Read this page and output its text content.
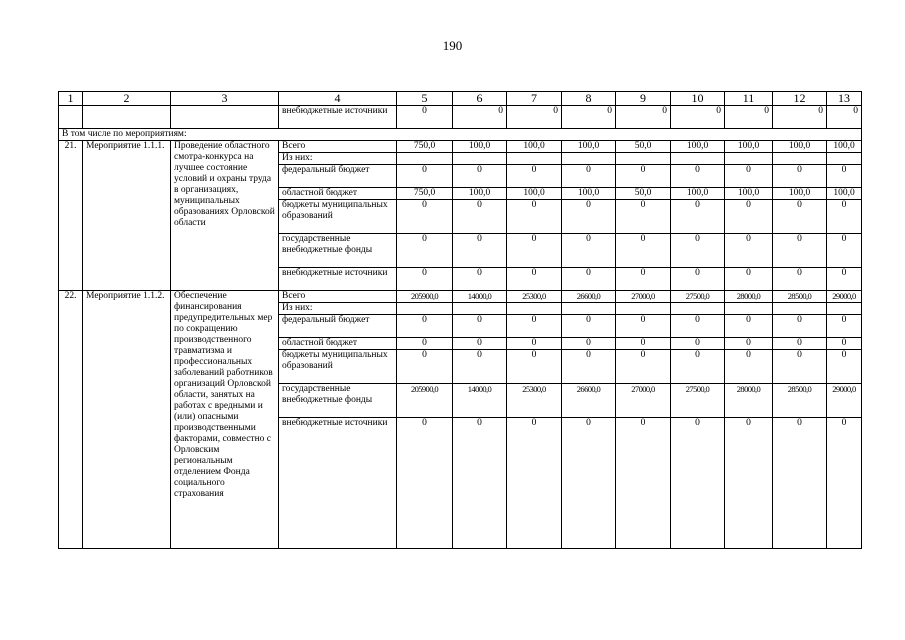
190
1	2	3	4	5	6	7	8	9	10	11	12	13
			внебюджетные источники	0	0	0	0	0	0	0	0	0
В том числе по мероприятиям:												
21.	Мероприятие 1.1.1.	Проведение областного смотра-конкурса на лучшее состояние условий и охраны труда в организациях, муниципальных образованиях Орловской области	Всего	750,0	100,0	100,0	100,0	50,0	100,0	100,0	100,0	100,0
			Из них:									
			федеральный бюджет	0	0	0	0	0	0	0	0	0
			областной бюджет	750,0	100,0	100,0	100,0	50,0	100,0	100,0	100,0	100,0
			бюджеты муниципальных образований	0	0	0	0	0	0	0	0	0
			государственные внебюджетные фонды	0	0	0	0	0	0	0	0	0
			внебюджетные источники	0	0	0	0	0	0	0	0	0
22.	Мероприятие 1.1.2.	Обеспечение финансирования предупредительных мер по сокращению производственного травматизма и профессиональных заболеваний работников организаций Орловской области, занятых на работах с вредными и (или) опасными производственными факторами, совместно с Орловским региональным отделением Фонда социального страхования	Всего	205900,0	14000,0	25300,0	26600,0	27000,0	27500,0	28000,0	28500,0	29000,0
			Из них:									
			федеральный бюджет	0	0	0	0	0	0	0	0	0
			областной бюджет	0	0	0	0	0	0	0	0	0
			бюджеты муниципальных образований	0	0	0	0	0	0	0	0	0
			государственные внебюджетные фонды	205900,0	14000,0	25300,0	26600,0	27000,0	27500,0	28000,0	28500,0	29000,0
			внебюджетные источники	0	0	0	0	0	0	0	0	0
